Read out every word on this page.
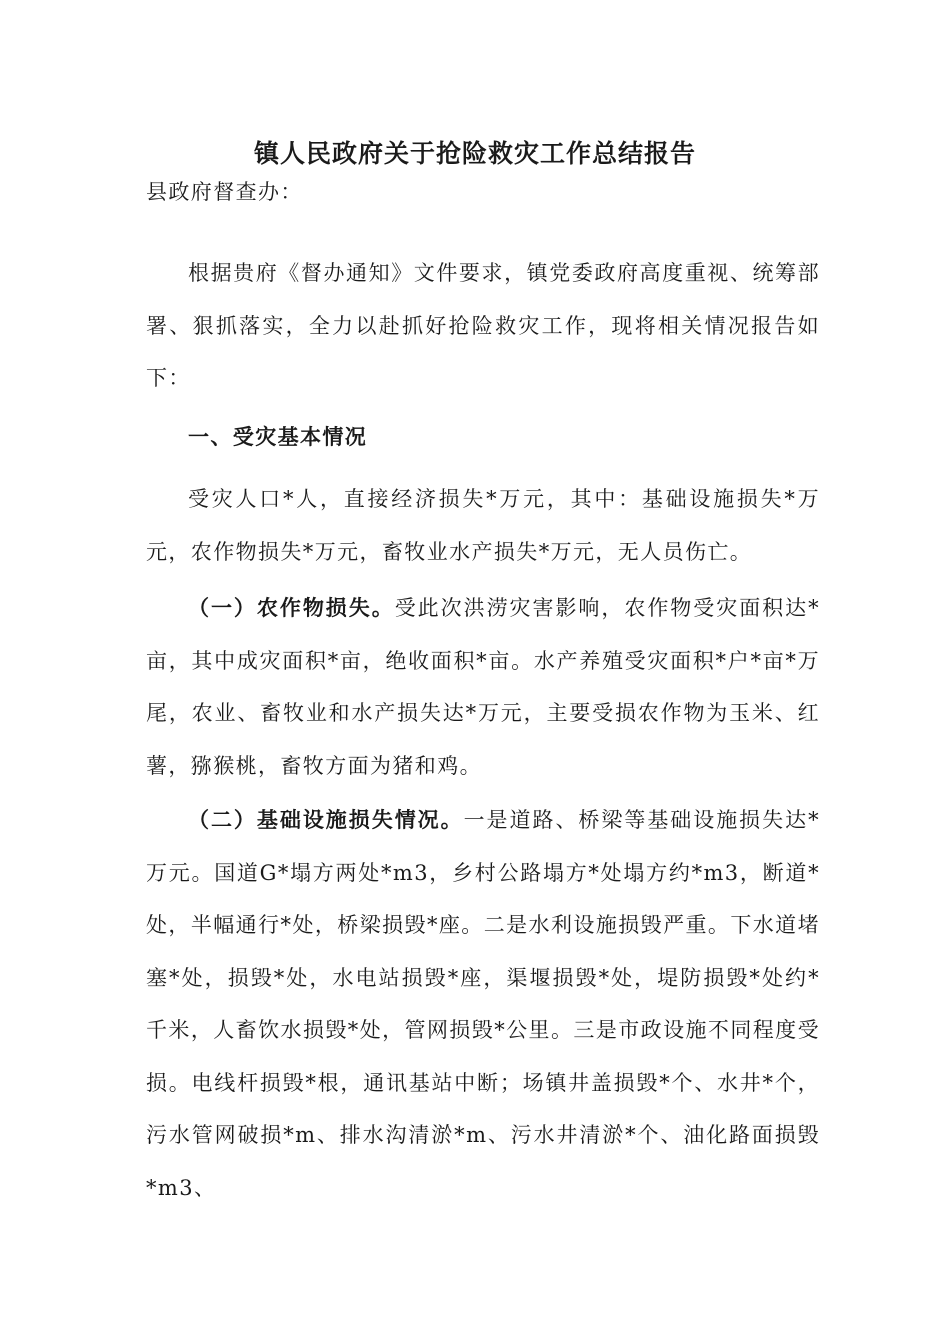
镇人民政府关于抢险救灾工作总结报告

县政府督查办：

根据贵府《督办通知》文件要求，镇党委政府高度重视、统筹部署、狠抓落实，全力以赴抓好抢险救灾工作，现将相关情况报告如下：

一、受灾基本情况

受灾人口*人，直接经济损失*万元，其中：基础设施损失*万元，农作物损失*万元，畜牧业水产损失*万元，无人员伤亡。

（一）农作物损失。受此次洪涝灾害影响，农作物受灾面积达*亩，其中成灾面积*亩，绝收面积*亩。水产养殖受灾面积*户*亩*万尾，农业、畜牧业和水产损失达*万元，主要受损农作物为玉米、红薯，猕猴桃，畜牧方面为猪和鸡。

（二）基础设施损失情况。一是道路、桥梁等基础设施损失达*万元。国道G*塌方两处*m3，乡村公路塌方*处塌方约*m3，断道*处，半幅通行*处，桥梁损毁*座。二是水利设施损毁严重。下水道堵塞*处，损毁*处，水电站损毁*座，渠堰损毁*处，堤防损毁*处约*千米，人畜饮水损毁*处，管网损毁*公里。三是市政设施不同程度受损。电线杆损毁*根，通讯基站中断；场镇井盖损毁*个、水井*个，污水管网破损*m、排水沟清淤*m、污水井清淤*个、油化路面损毁*m3、
